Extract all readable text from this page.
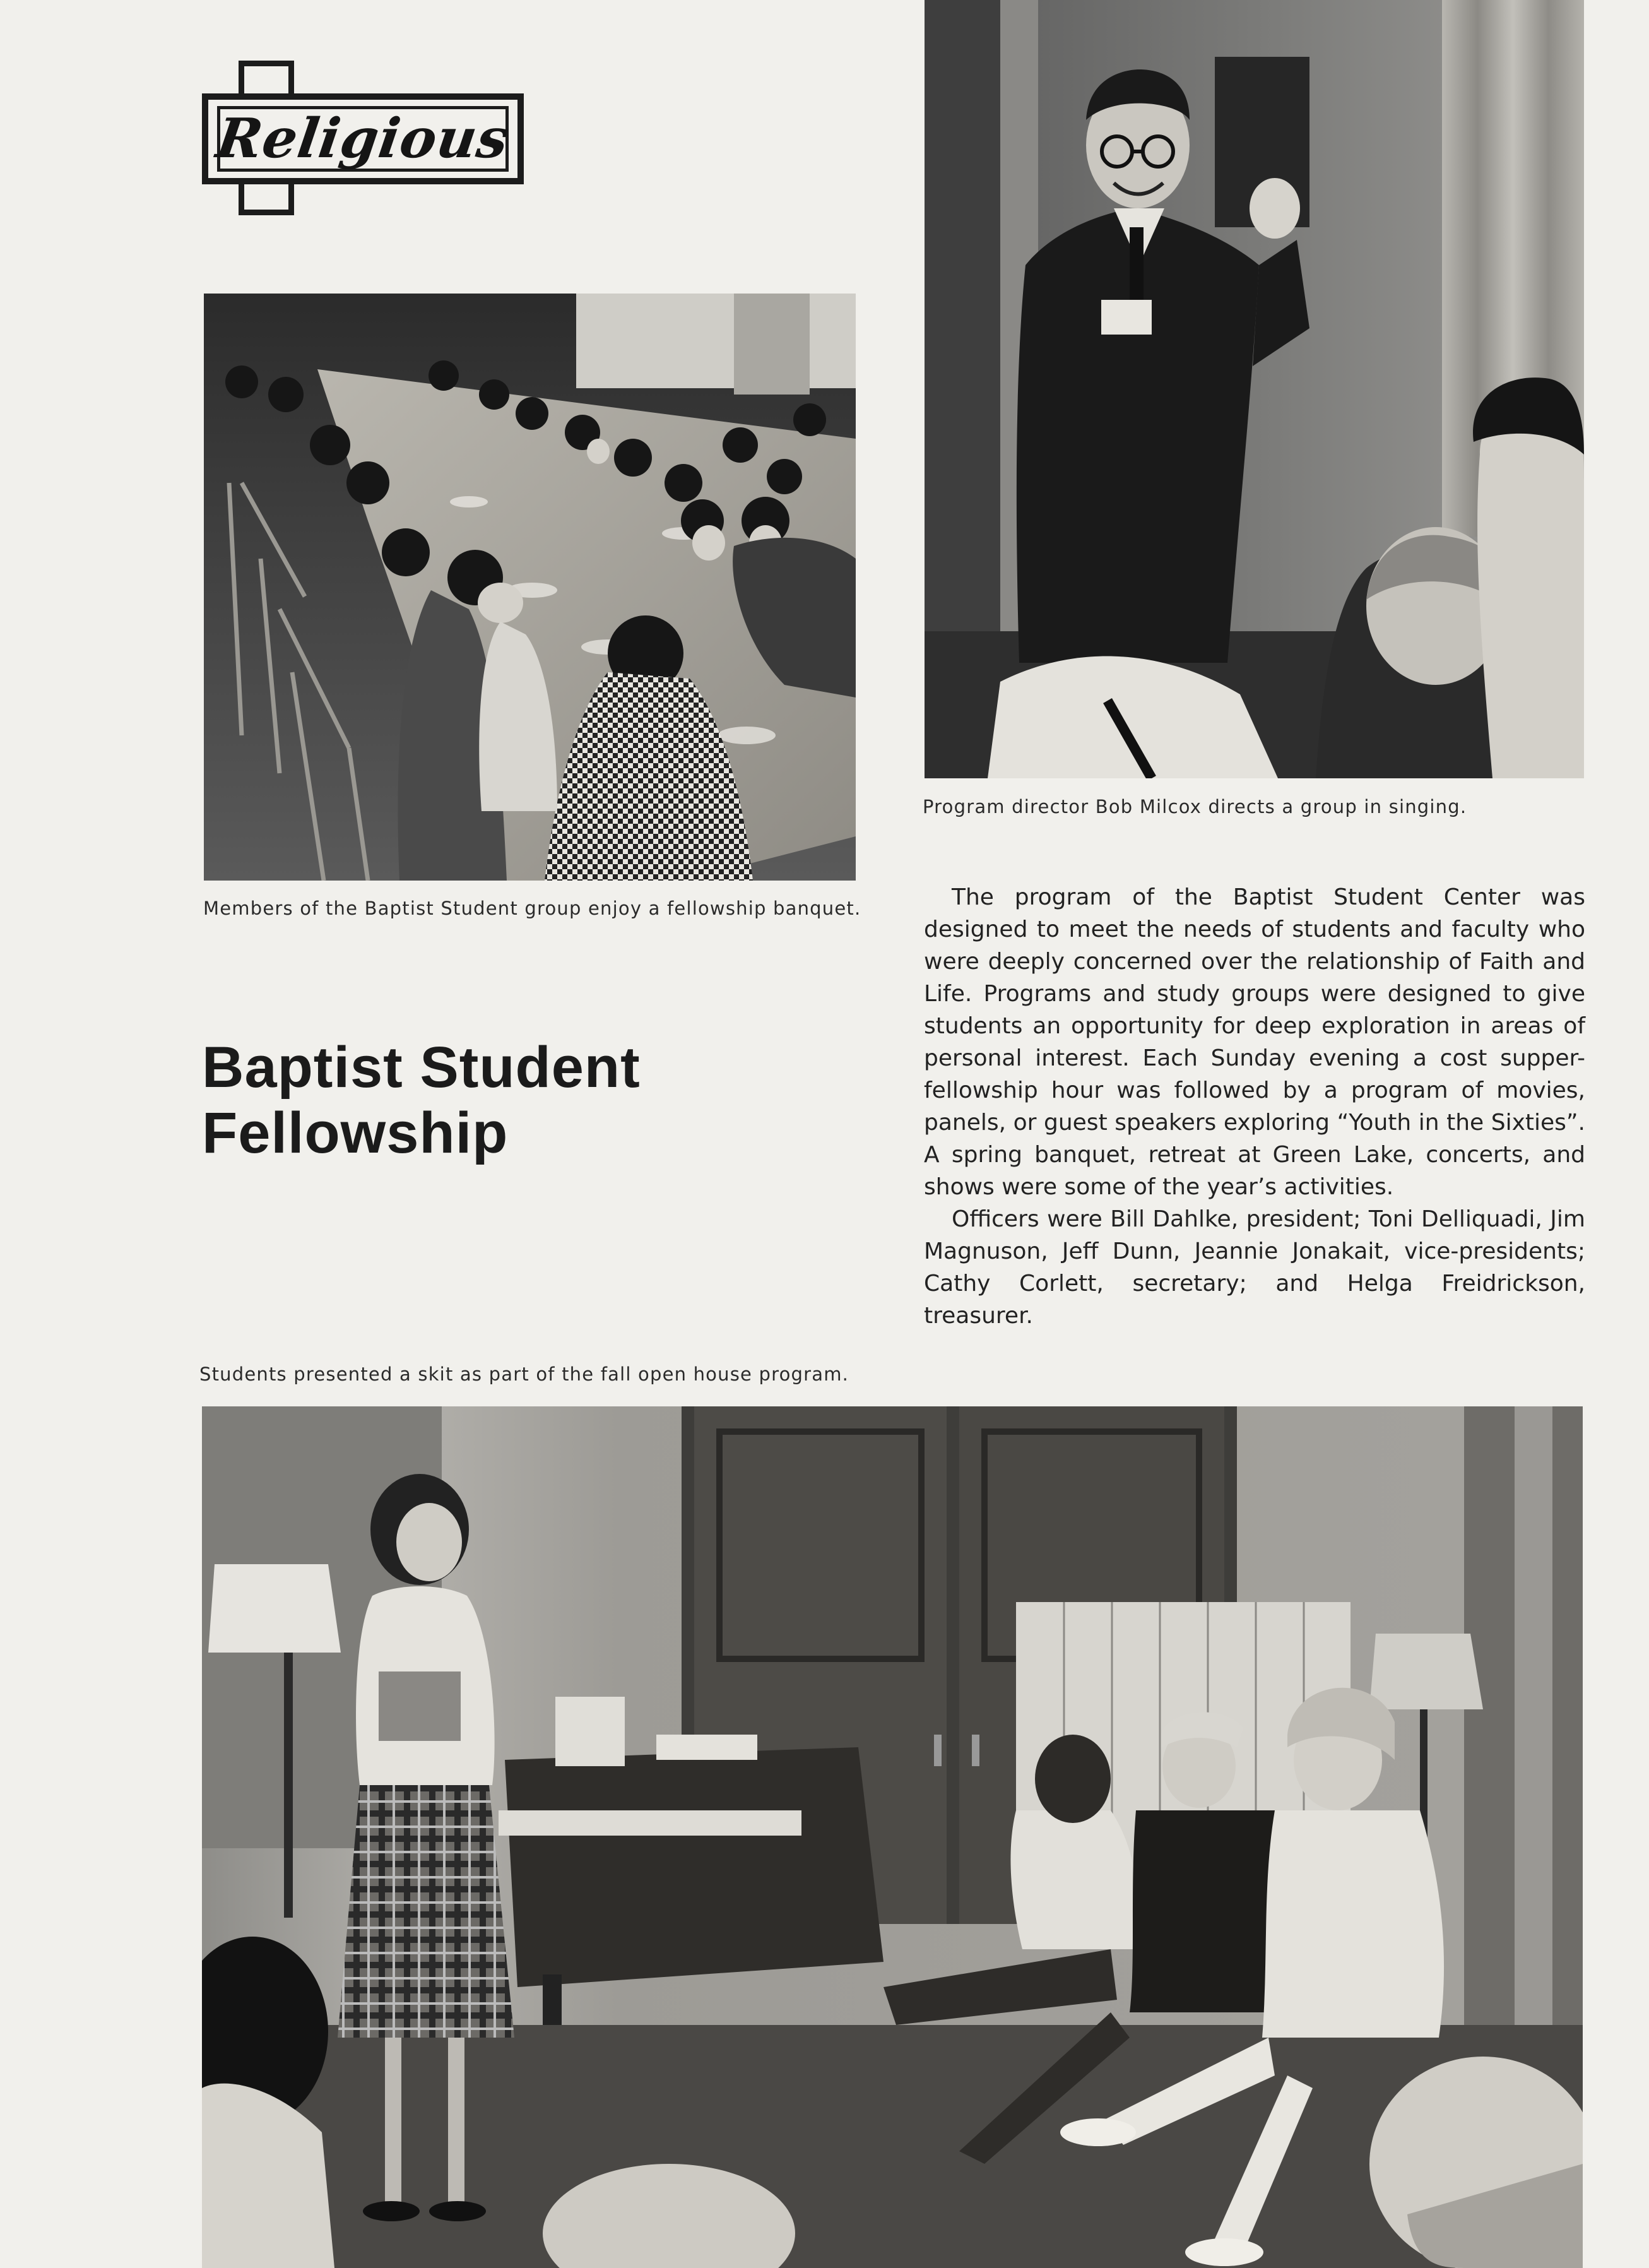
Religious
Program director Bob Milcox directs a group in singing.
Members of the Baptist Student group enjoy a fellowship banquet.
Baptist Student
Fellowship

The program of the Baptist Student Center was designed to meet the needs of students and faculty who were deeply concerned over the relationship of Faith and Life. Programs and study groups were designed to give students an opportunity for deep exploration in areas of personal interest. Each Sunday evening a cost supper-fellowship hour was followed by a program of movies, panels, or guest speakers exploring “Youth in the Sixties”. A spring banquet, retreat at Green Lake, concerts, and shows were some of the year’s activities.

Officers were Bill Dahlke, president; Toni Delliquadi, Jim Magnuson, Jeff Dunn, Jeannie Jonakait, vice-presidents; Cathy Corlett, secretary; and Helga Freidrickson, treasurer.

Students presented a skit as part of the fall open house program.
